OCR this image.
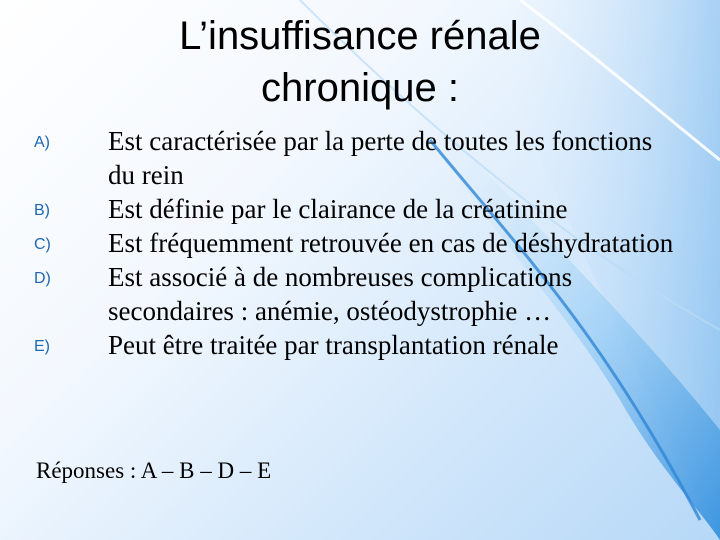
L’insuffisance rénale
chronique :
A) Est caractérisée par la perte de toutes les fonctions du rein
B) Est définie par le clairance de la créatinine
C) Est fréquemment retrouvée en cas de déshydratation
D) Est associé à de nombreuses complications secondaires : anémie, ostéodystrophie …
E) Peut être traitée par transplantation rénale
Réponses : A – B – D – E
